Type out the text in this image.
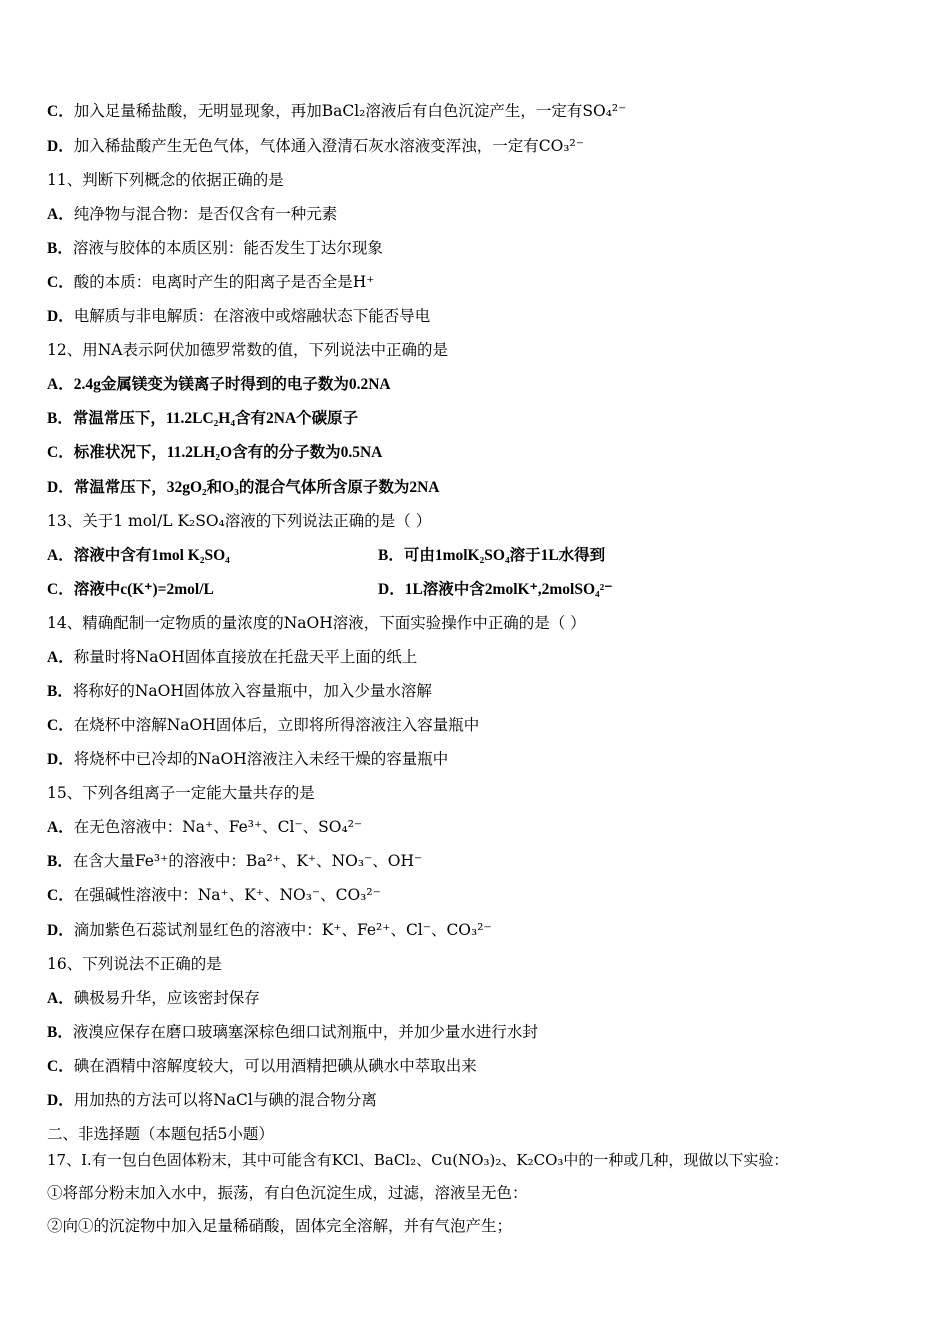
C．加入足量稀盐酸，无明显现象，再加BaCl₂溶液后有白色沉淀产生，一定有SO₄²⁻
D．加入稀盐酸产生无色气体，气体通入澄清石灰水溶液变浑浊，一定有CO₃²⁻
11、判断下列概念的依据正确的是
A．纯净物与混合物：是否仅含有一种元素
B．溶液与胶体的本质区别：能否发生丁达尔现象
C．酸的本质：电离时产生的阳离子是否全是H⁺
D．电解质与非电解质：在溶液中或熔融状态下能否导电
12、用NA表示阿伏加德罗常数的值，下列说法中正确的是
A．2.4g金属镁变为镁离子时得到的电子数为0.2NA
B．常温常压下，11.2LC₂H₄含有2NA个碳原子
C．标准状况下，11.2LH₂O含有的分子数为0.5NA
D．常温常压下，32gO₂和O₃的混合气体所含原子数为2NA
13、关于1 mol/L K₂SO₄溶液的下列说法正确的是（ ）
A．溶液中含有1mol K₂SO₄	B．可由1molK₂SO₄溶于1L水得到
C．溶液中c(K⁺)=2mol/L	D．1L溶液中含2molK⁺,2molSO₄²⁻
14、精确配制一定物质的量浓度的NaOH溶液，下面实验操作中正确的是（ ）
A．称量时将NaOH固体直接放在托盘天平上面的纸上
B．将称好的NaOH固体放入容量瓶中，加入少量水溶解
C．在烧杯中溶解NaOH固体后，立即将所得溶液注入容量瓶中
D．将烧杯中已冷却的NaOH溶液注入未经干燥的容量瓶中
15、下列各组离子一定能大量共存的是
A．在无色溶液中：Na⁺、Fe³⁺、Cl⁻、SO₄²⁻
B．在含大量Fe³⁺的溶液中：Ba²⁺、K⁺、NO₃⁻、OH⁻
C．在强碱性溶液中：Na⁺、K⁺、NO₃⁻、CO₃²⁻
D．滴加紫色石蕊试剂显红色的溶液中：K⁺、Fe²⁺、Cl⁻、CO₃²⁻
16、下列说法不正确的是
A．碘极易升华，应该密封保存
B．液溴应保存在磨口玻璃塞深棕色细口试剂瓶中，并加少量水进行水封
C．碘在酒精中溶解度较大，可以用酒精把碘从碘水中萃取出来
D．用加热的方法可以将NaCl与碘的混合物分离
二、非选择题（本题包括5小题）
17、Ⅰ.有一包白色固体粉末，其中可能含有KCl、BaCl₂、Cu(NO₃)₂、K₂CO₃中的一种或几种，现做以下实验：
①将部分粉末加入水中，振荡，有白色沉淀生成，过滤，溶液呈无色：
②向①的沉淀物中加入足量稀硝酸，固体完全溶解，并有气泡产生；
